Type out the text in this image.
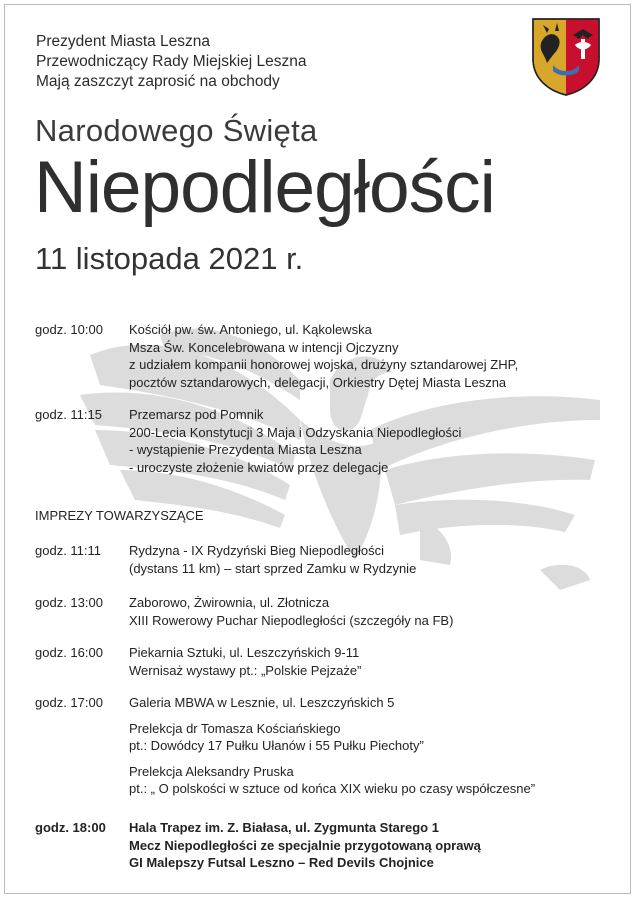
Prezydent Miasta Leszna
Przewodniczący Rady Miejskiej Leszna
Mają zaszczyt zaprosić na obchody
Narodowego Święta
Niepodległości
11 listopada 2021 r.
godz. 10:00 Kościół pw. św. Antoniego, ul. Kąkolewska
Msza Św. Koncelebrowana w intencji Ojczyzny
z udziałem kompanii honorowej wojska, drużyny sztandarowej ZHP,
pocztów sztandarowych, delegacji, Orkiestry Dętej Miasta Leszna
godz. 11:15 Przemarsz pod Pomnik
200-Lecia Konstytucji 3 Maja i Odzyskania Niepodległości
- wystąpienie Prezydenta Miasta Leszna
- uroczyste złożenie kwiatów przez delegacje
IMPREZY TOWARZYSZĄCE
godz. 11:11 Rydzyna - IX Rydzyński Bieg Niepodległości
(dystans 11 km) – start sprzed Zamku w Rydzynie
godz. 13:00 Zaborowo, Żwirownia, ul. Złotnicza
XIII Rowerowy Puchar Niepodległości (szczegóły na FB)
godz. 16:00 Piekarnia Sztuki, ul. Leszczyńskich 9-11
Wernisaż wystawy pt.: „Polskie Pejzaże”
godz. 17:00 Galeria MBWA w Lesznie, ul. Leszczyńskich 5
Prelekcja dr Tomasza Kościańskiego
pt.: Dowódcy 17 Pułku Ułanów i 55 Pułku Piechoty”
Prelekcja Aleksandry Pruska
pt.: „ O polskości w sztuce od końca XIX wieku po czasy współczesne”
godz. 18:00 Hala Trapez im. Z. Białasa, ul. Zygmunta Starego 1
Mecz Niepodległości ze specjalnie przygotowaną oprawą
GI Malepszy Futsal Leszno – Red Devils Chojnice
